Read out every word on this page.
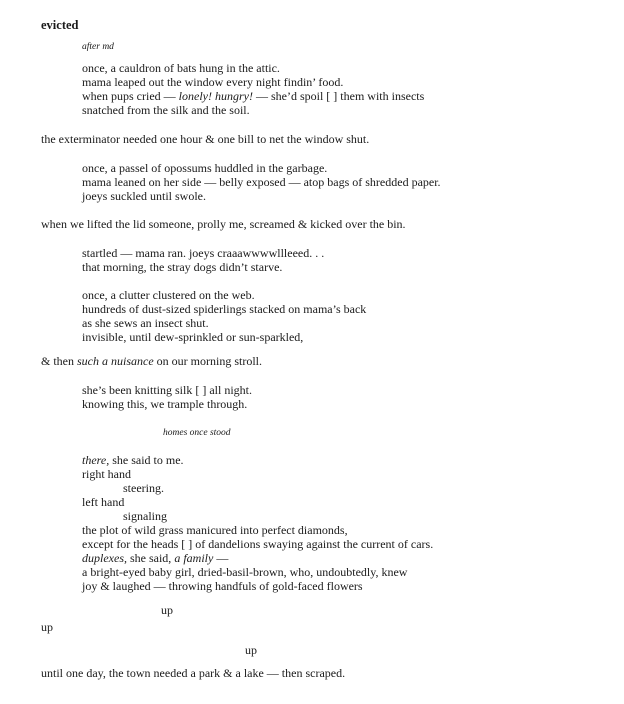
evicted
after md
once, a cauldron of bats hung in the attic.
mama leaped out the window every night findin’ food.
when pups cried — lonely! hungry! — she’d spoil [ ] them with insects
snatched from the silk and the soil.
the exterminator needed one hour & one bill to net the window shut.
once, a passel of opossums huddled in the garbage.
mama leaned on her side — belly exposed — atop bags of shredded paper.
joeys suckled until swole.
when we lifted the lid someone, prolly me, screamed & kicked over the bin.
startled — mama ran. joeys craaawwwwllleeed. . .
that morning, the stray dogs didn’t starve.
once, a clutter clustered on the web.
hundreds of dust-sized spiderlings stacked on mama’s back
as she sews an insect shut.
invisible, until dew-sprinkled or sun-sparkled,
& then such a nuisance on our morning stroll.
she’s been knitting silk [ ] all night.
knowing this, we trample through.
homes once stood
there, she said to me.
right hand
steering.
left hand
signaling
the plot of wild grass manicured into perfect diamonds,
except for the heads [ ] of dandelions swaying against the current of cars.
duplexes, she said, a family —
a bright-eyed baby girl, dried-basil-brown, who, undoubtedly, knew
joy & laughed — throwing handfuls of gold-faced flowers
up
up
up
until one day, the town needed a park & a lake — then scraped.
